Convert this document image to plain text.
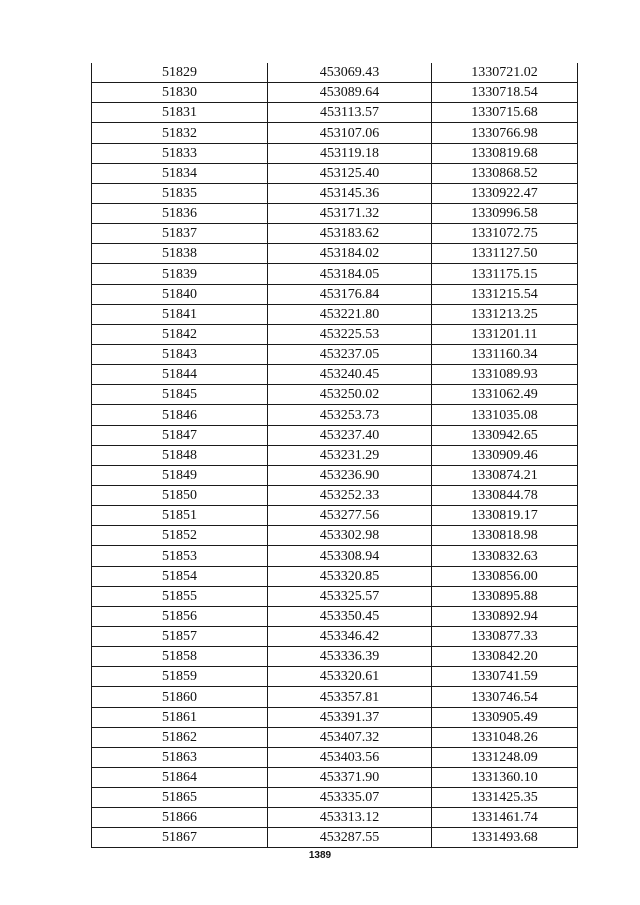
51829	453069.43	1330721.02
51830	453089.64	1330718.54
51831	453113.57	1330715.68
51832	453107.06	1330766.98
51833	453119.18	1330819.68
51834	453125.40	1330868.52
51835	453145.36	1330922.47
51836	453171.32	1330996.58
51837	453183.62	1331072.75
51838	453184.02	1331127.50
51839	453184.05	1331175.15
51840	453176.84	1331215.54
51841	453221.80	1331213.25
51842	453225.53	1331201.11
51843	453237.05	1331160.34
51844	453240.45	1331089.93
51845	453250.02	1331062.49
51846	453253.73	1331035.08
51847	453237.40	1330942.65
51848	453231.29	1330909.46
51849	453236.90	1330874.21
51850	453252.33	1330844.78
51851	453277.56	1330819.17
51852	453302.98	1330818.98
51853	453308.94	1330832.63
51854	453320.85	1330856.00
51855	453325.57	1330895.88
51856	453350.45	1330892.94
51857	453346.42	1330877.33
51858	453336.39	1330842.20
51859	453320.61	1330741.59
51860	453357.81	1330746.54
51861	453391.37	1330905.49
51862	453407.32	1331048.26
51863	453403.56	1331248.09
51864	453371.90	1331360.10
51865	453335.07	1331425.35
51866	453313.12	1331461.74
51867	453287.55	1331493.68
1389
